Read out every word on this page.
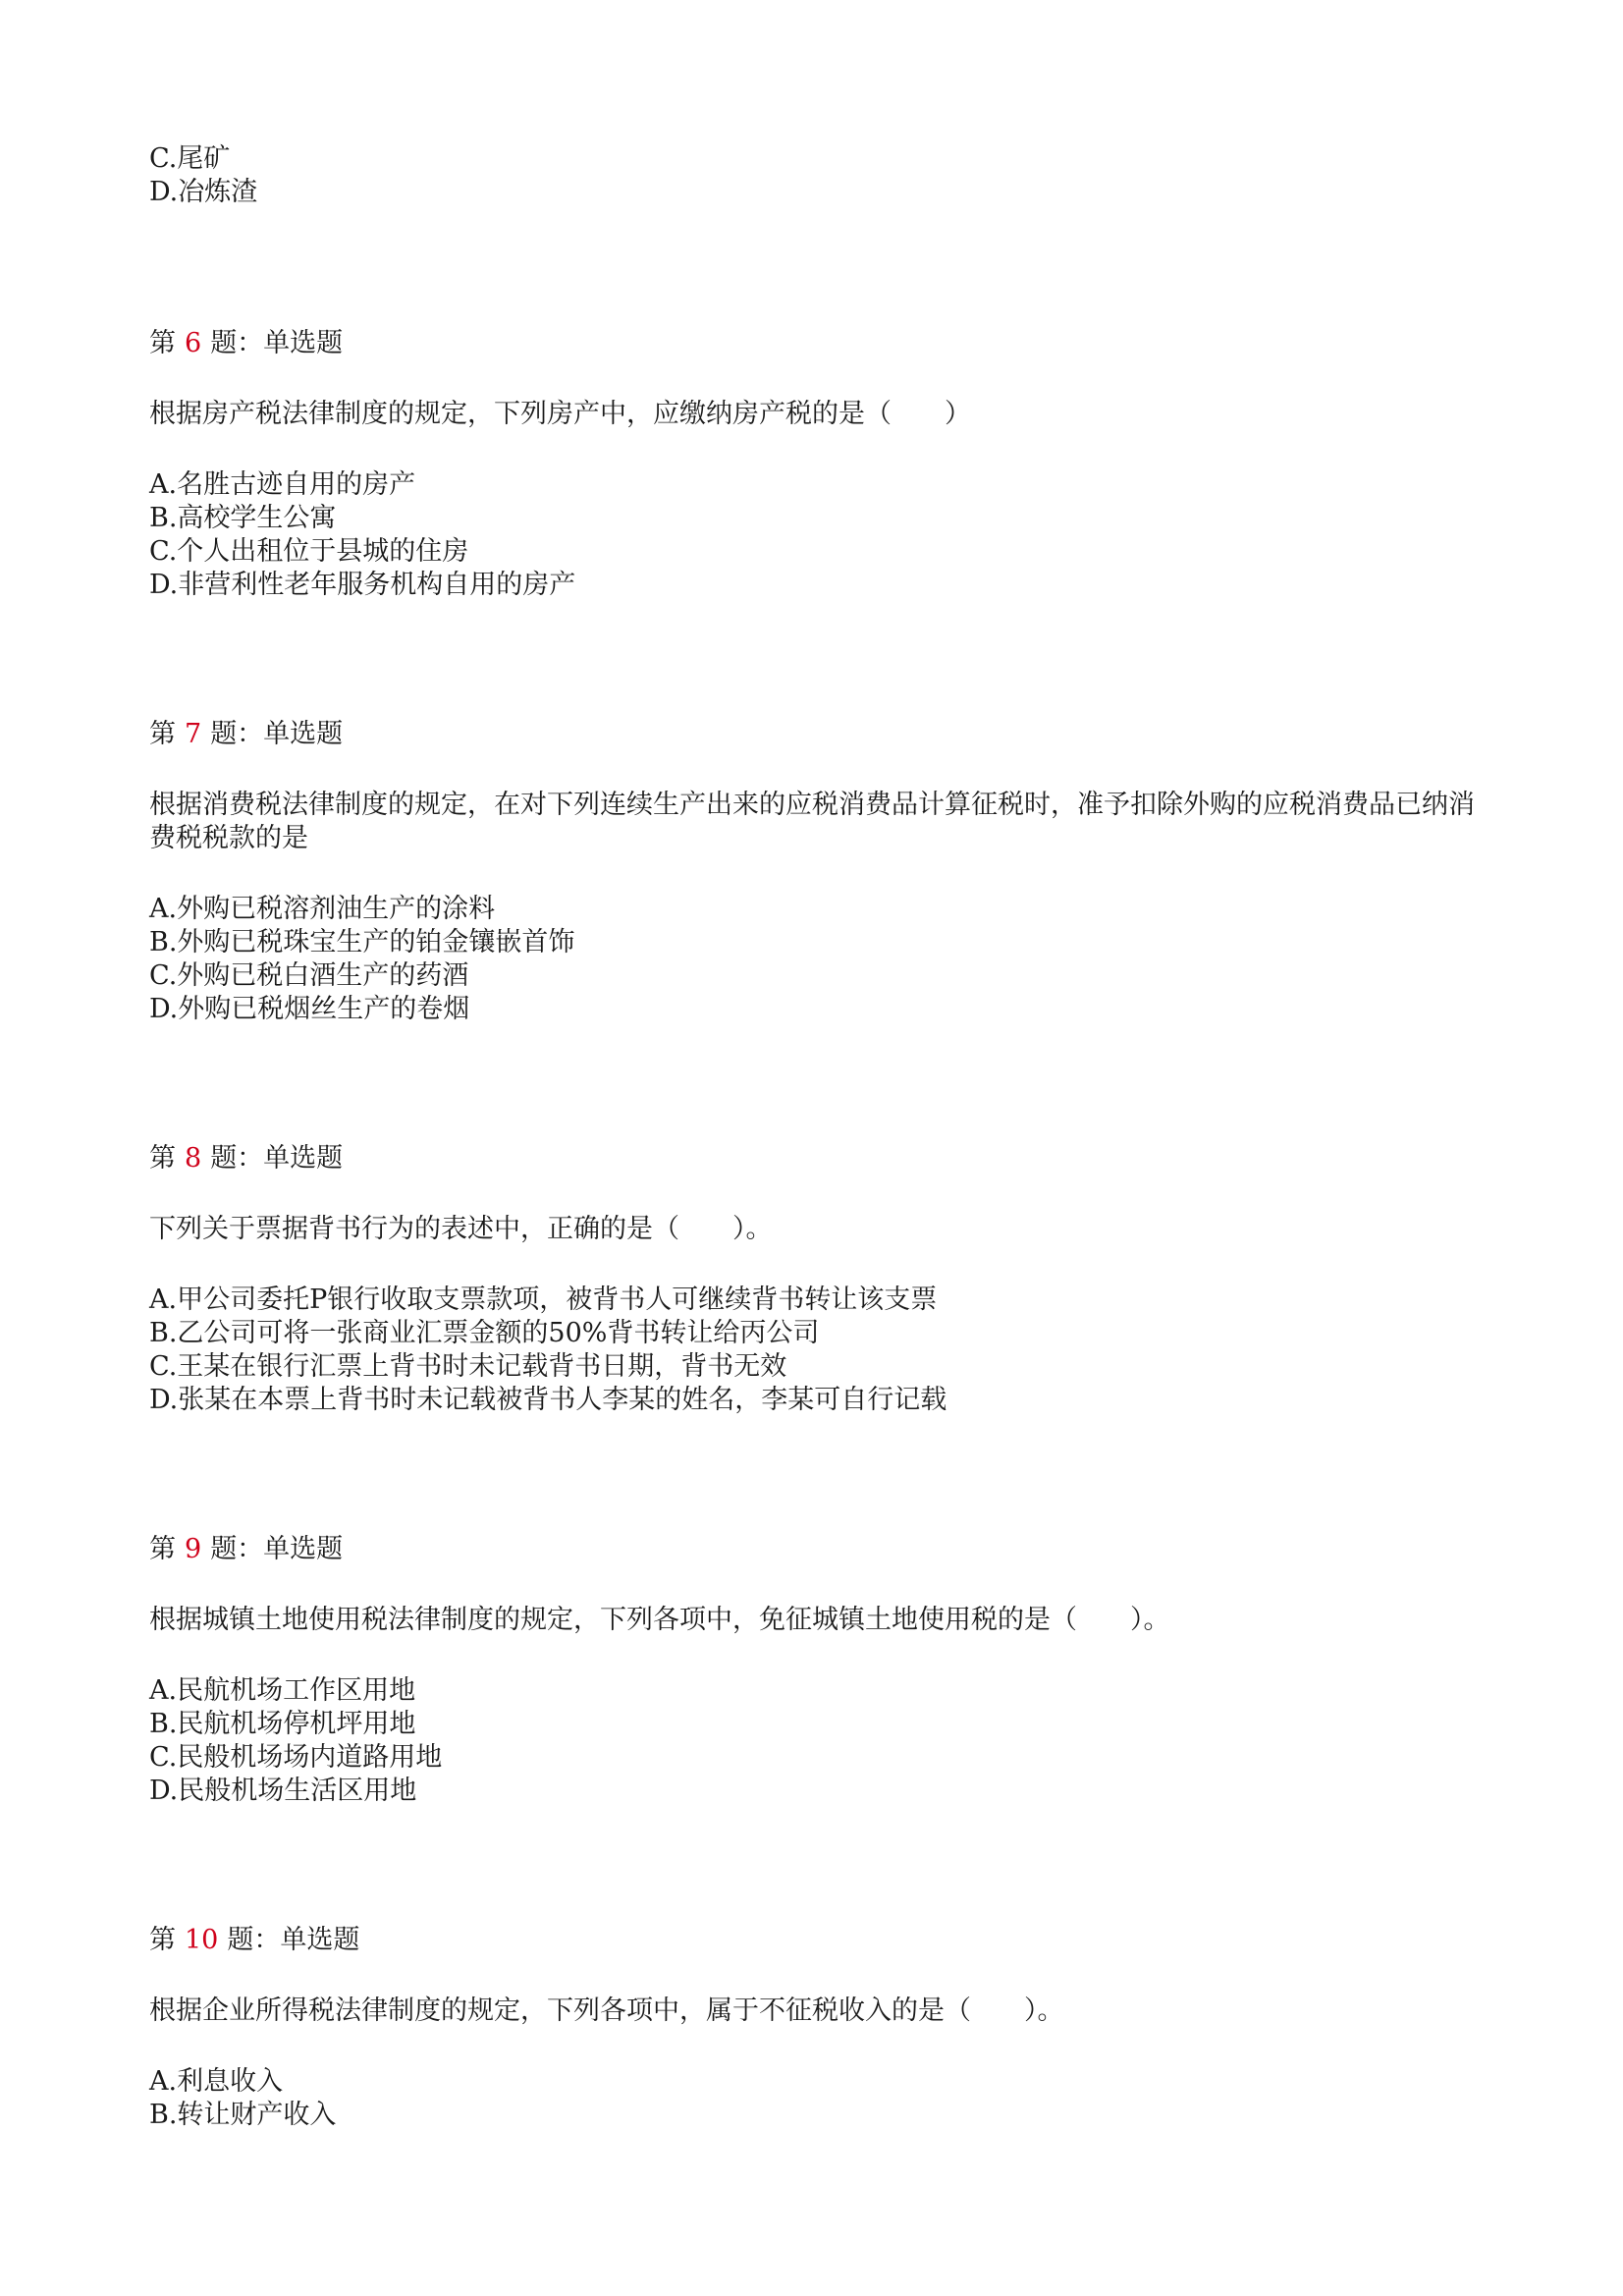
C.尾矿
D.冶炼渣
第 6 题：单选题
根据房产税法律制度的规定，下列房产中，应缴纳房产税的是（　　）
A.名胜古迹自用的房产
B.高校学生公寓
C.个人出租位于县城的住房
D.非营利性老年服务机构自用的房产
第 7 题：单选题
根据消费税法律制度的规定，在对下列连续生产出来的应税消费品计算征税时，准予扣除外购的应税消费品已纳消费税税款的是
A.外购已税溶剂油生产的涂料
B.外购已税珠宝生产的铂金镶嵌首饰
C.外购已税白酒生产的药酒
D.外购已税烟丝生产的卷烟
第 8 题：单选题
下列关于票据背书行为的表述中，正确的是（　　）。
A.甲公司委托P银行收取支票款项，被背书人可继续背书转让该支票
B.乙公司可将一张商业汇票金额的50%背书转让给丙公司
C.王某在银行汇票上背书时未记载背书日期，背书无效
D.张某在本票上背书时未记载被背书人李某的姓名，李某可自行记载
第 9 题：单选题
根据城镇土地使用税法律制度的规定，下列各项中，免征城镇土地使用税的是（　　）。
A.民航机场工作区用地
B.民航机场停机坪用地
C.民般机场场内道路用地
D.民般机场生活区用地
第 10 题：单选题
根据企业所得税法律制度的规定，下列各项中，属于不征税收入的是（　　）。
A.利息收入
B.转让财产收入
